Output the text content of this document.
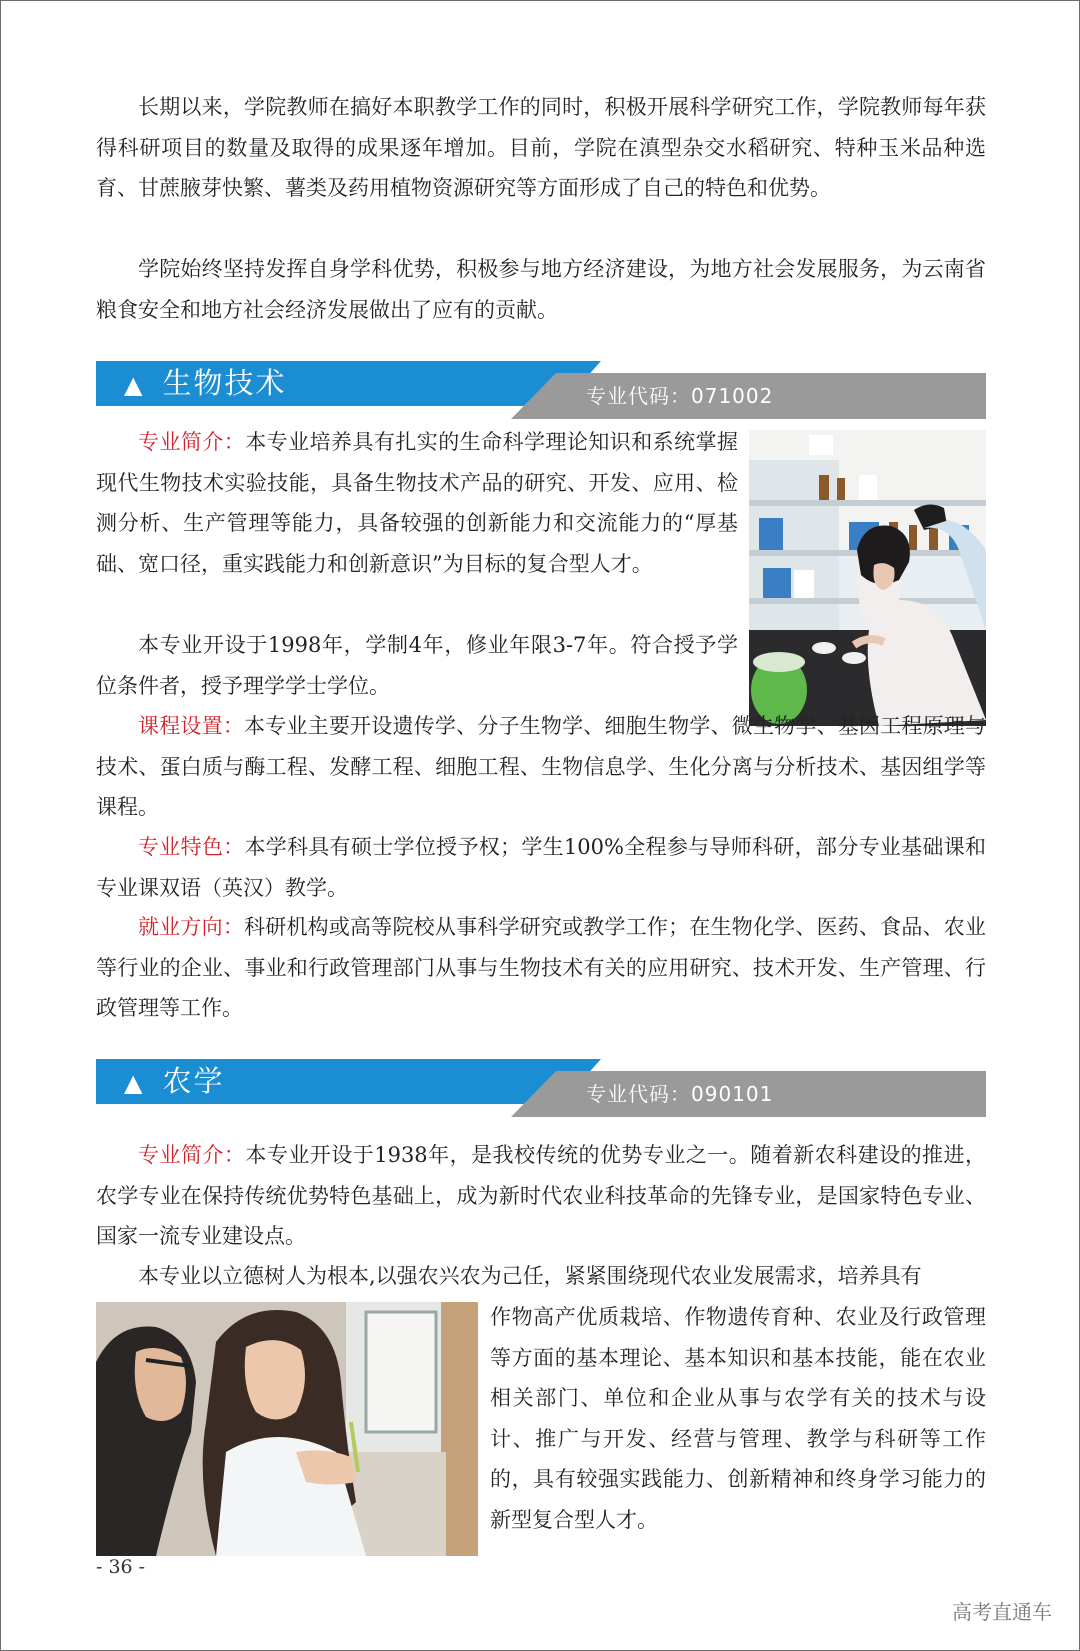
长期以来，学院教师在搞好本职教学工作的同时，积极开展科学研究工作，学院教师每年获得科研项目的数量及取得的成果逐年增加。目前，学院在滇型杂交水稻研究、特种玉米品种选育、甘蔗腋芽快繁、薯类及药用植物资源研究等方面形成了自己的特色和优势。

学院始终坚持发挥自身学科优势，积极参与地方经济建设，为地方社会发展服务，为云南省粮食安全和地方社会经济发展做出了应有的贡献。

▲ 生物技术	专业代码：071002

专业简介：本专业培养具有扎实的生命科学理论知识和系统掌握现代生物技术实验技能，具备生物技术产品的研究、开发、应用、检测分析、生产管理等能力，具备较强的创新能力和交流能力的“厚基础、宽口径，重实践能力和创新意识”为目标的复合型人才。

本专业开设于1998年，学制4年，修业年限3-7年。符合授予学位条件者，授予理学学士学位。

课程设置：本专业主要开设遗传学、分子生物学、细胞生物学、微生物学、基因工程原理与技术、蛋白质与酶工程、发酵工程、细胞工程、生物信息学、生化分离与分析技术、基因组学等课程。

专业特色：本学科具有硕士学位授予权；学生100%全程参与导师科研，部分专业基础课和专业课双语（英汉）教学。

就业方向：科研机构或高等院校从事科学研究或教学工作；在生物化学、医药、食品、农业等行业的企业、事业和行政管理部门从事与生物技术有关的应用研究、技术开发、生产管理、行政管理等工作。

▲ 农学	专业代码：090101

专业简介：本专业开设于1938年，是我校传统的优势专业之一。随着新农科建设的推进，农学专业在保持传统优势特色基础上，成为新时代农业科技革命的先锋专业，是国家特色专业、国家一流专业建设点。

本专业以立德树人为根本,以强农兴农为己任，紧紧围绕现代农业发展需求，培养具有

作物高产优质栽培、作物遗传育种、农业及行政管理等方面的基本理论、基本知识和基本技能，能在农业相关部门、单位和企业从事与农学有关的技术与设计、推广与开发、经营与管理、教学与科研等工作的，具有较强实践能力、创新精神和终身学习能力的新型复合型人才。

- 36 -
高考直通车
